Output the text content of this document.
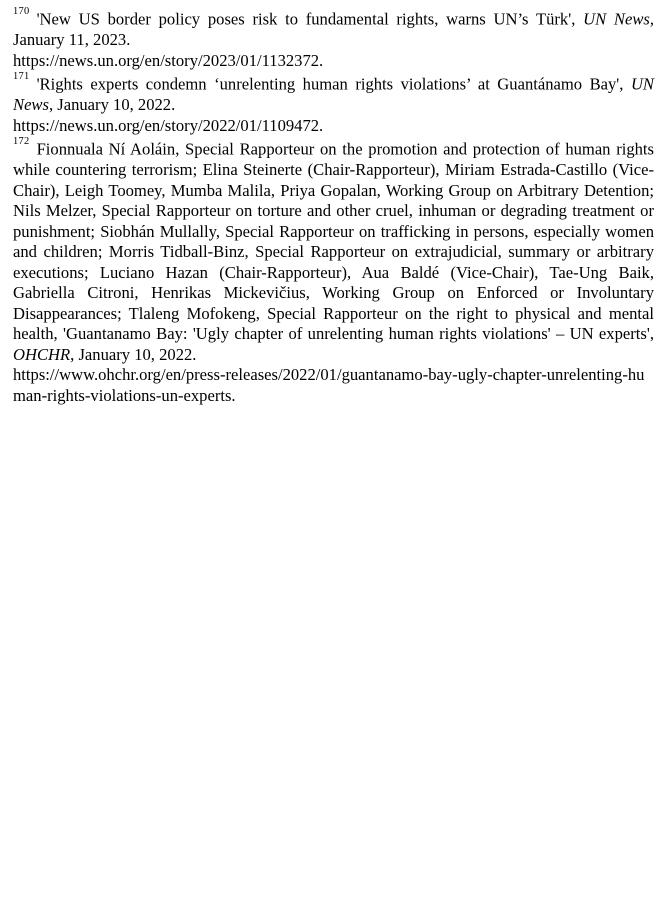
$^{170}$ 'New US border policy poses risk to fundamental rights, warns UN’s Türk', UN News, January 11, 2023.

https://news.un.org/en/story/2023/01/1132372.

$^{171}$ 'Rights experts condemn ‘unrelenting human rights violations’ at Guantánamo Bay', UN News, January 10, 2022.

https://news.un.org/en/story/2022/01/1109472.

$^{172}$ Fionnuala Ní Aoláin, Special Rapporteur on the promotion and protection of human rights while countering terrorism; Elina Steinerte (Chair-Rapporteur), Miriam Estrada-Castillo (Vice-Chair), Leigh Toomey, Mumba Malila, Priya Gopalan, Working Group on Arbitrary Detention; Nils Melzer, Special Rapporteur on torture and other cruel, inhuman or degrading treatment or punishment; Siobhán Mullally, Special Rapporteur on trafficking in persons, especially women and children; Morris Tidball-Binz, Special Rapporteur on extrajudicial, summary or arbitrary executions; Luciano Hazan (Chair-Rapporteur), Aua Baldé (Vice-Chair), Tae-Ung Baik, Gabriella Citroni, Henrikas Mickevičius, Working Group on Enforced or Involuntary Disappearances; Tlaleng Mofokeng, Special Rapporteur on the right to physical and mental health, 'Guantanamo Bay: 'Ugly chapter of unrelenting human rights violations' – UN experts', OHCHR, January 10, 2022.

https://www.ohchr.org/en/press-releases/2022/01/guantanamo-bay-ugly-chapter-unrelenting-human-rights-violations-un-experts.
